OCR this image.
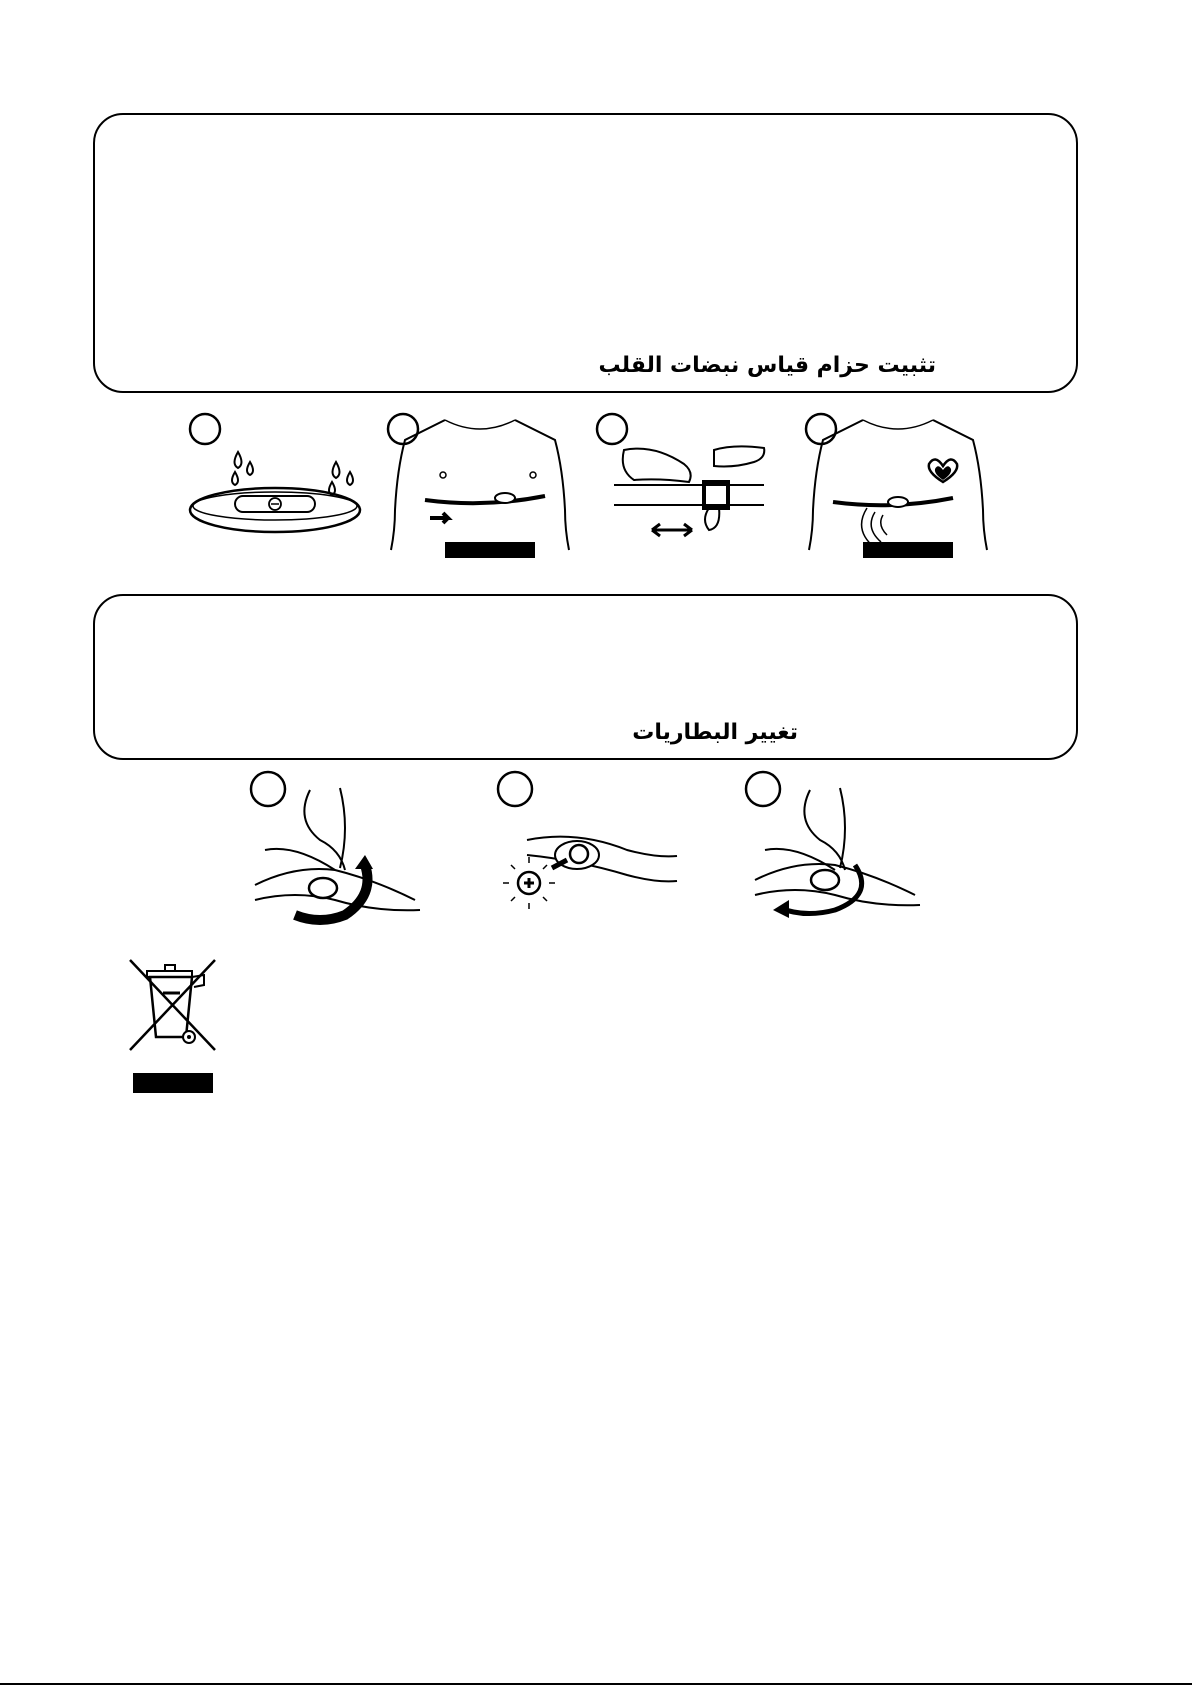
تثبيت حزام قياس نبضات القلب
تغيير البطاريات
